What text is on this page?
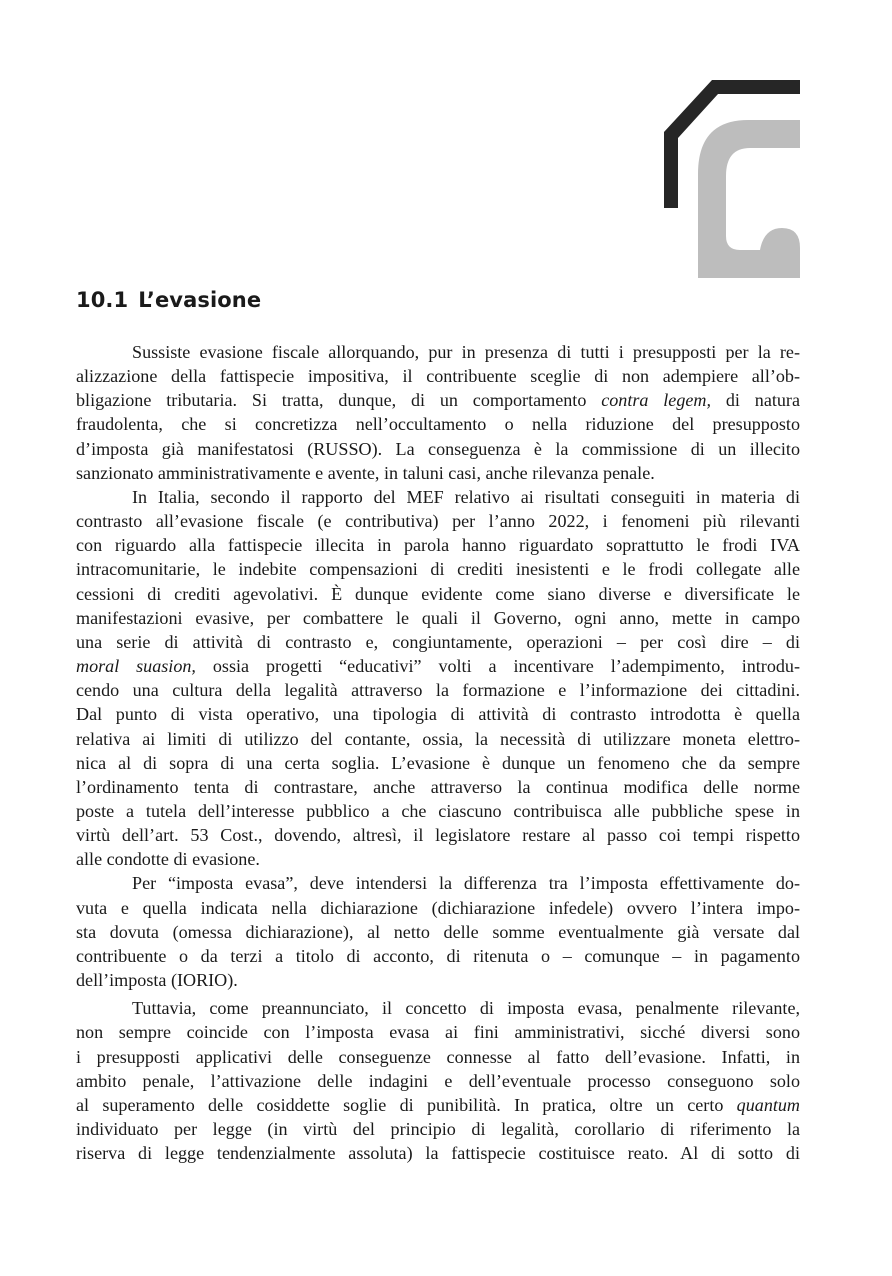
10.1 L’evasione

Sussiste evasione fiscale allorquando, pur in presenza di tutti i presupposti per la re-
alizzazione della fattispecie impositiva, il contribuente sceglie di non adempiere all’ob-
bligazione tributaria. Si tratta, dunque, di un comportamento contra legem, di natura
fraudolenta, che si concretizza nell’occultamento o nella riduzione del presupposto
d’imposta già manifestatosi (RUSSO). La conseguenza è la commissione di un illecito
sanzionato amministrativamente e avente, in taluni casi, anche rilevanza penale.

In Italia, secondo il rapporto del MEF relativo ai risultati conseguiti in materia di
contrasto all’evasione fiscale (e contributiva) per l’anno 2022, i fenomeni più rilevanti
con riguardo alla fattispecie illecita in parola hanno riguardato soprattutto le frodi IVA
intracomunitarie, le indebite compensazioni di crediti inesistenti e le frodi collegate alle
cessioni di crediti agevolativi. È dunque evidente come siano diverse e diversificate le
manifestazioni evasive, per combattere le quali il Governo, ogni anno, mette in campo
una serie di attività di contrasto e, congiuntamente, operazioni – per così dire – di
moral suasion, ossia progetti “educativi” volti a incentivare l’adempimento, introdu-
cendo una cultura della legalità attraverso la formazione e l’informazione dei cittadini.
Dal punto di vista operativo, una tipologia di attività di contrasto introdotta è quella
relativa ai limiti di utilizzo del contante, ossia, la necessità di utilizzare moneta elettro-
nica al di sopra di una certa soglia. L’evasione è dunque un fenomeno che da sempre
l’ordinamento tenta di contrastare, anche attraverso la continua modifica delle norme
poste a tutela dell’interesse pubblico a che ciascuno contribuisca alle pubbliche spese in
virtù dell’art. 53 Cost., dovendo, altresì, il legislatore restare al passo coi tempi rispetto
alle condotte di evasione.

Per “imposta evasa”, deve intendersi la differenza tra l’imposta effettivamente do-
vuta e quella indicata nella dichiarazione (dichiarazione infedele) ovvero l’intera impo-
sta dovuta (omessa dichiarazione), al netto delle somme eventualmente già versate dal
contribuente o da terzi a titolo di acconto, di ritenuta o – comunque – in pagamento
dell’imposta (IORIO).

Tuttavia, come preannunciato, il concetto di imposta evasa, penalmente rilevante,
non sempre coincide con l’imposta evasa ai fini amministrativi, sicché diversi sono
i presupposti applicativi delle conseguenze connesse al fatto dell’evasione. Infatti, in
ambito penale, l’attivazione delle indagini e dell’eventuale processo conseguono solo
al superamento delle cosiddette soglie di punibilità. In pratica, oltre un certo quantum
individuato per legge (in virtù del principio di legalità, corollario di riferimento la
riserva di legge tendenzialmente assoluta) la fattispecie costituisce reato. Al di sotto di
